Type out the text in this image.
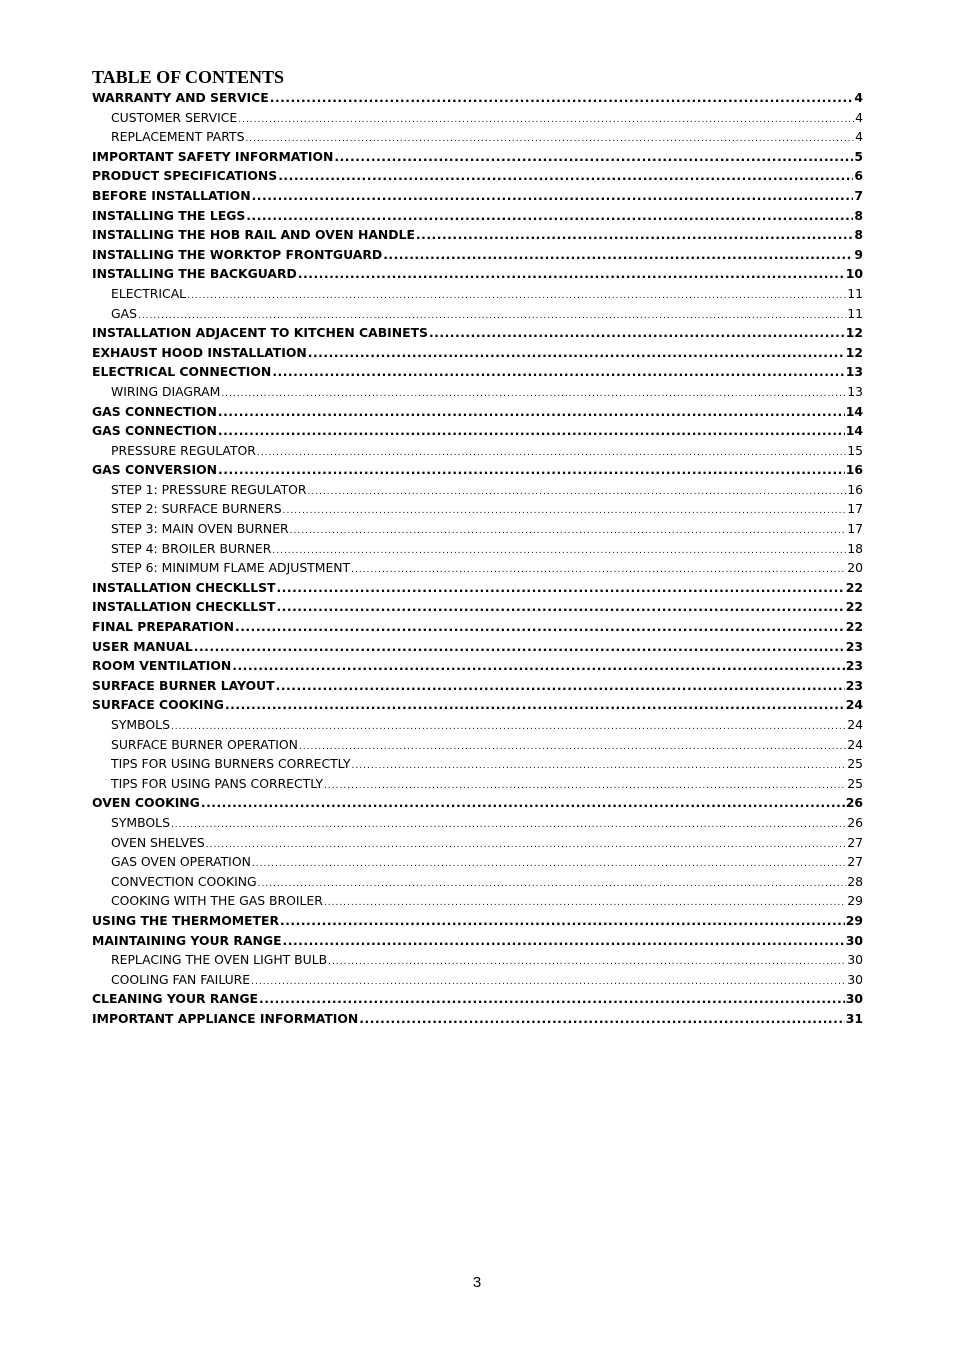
TABLE OF CONTENTS
WARRANTY AND SERVICE .....	4
CUSTOMER SERVICE .....	4
REPLACEMENT PARTS .....	4
IMPORTANT SAFETY INFORMATION .....	5
PRODUCT SPECIFICATIONS .....	6
BEFORE INSTALLATION .....	7
INSTALLING THE LEGS .....	8
INSTALLING THE HOB RAIL AND OVEN HANDLE .....	8
INSTALLING THE WORKTOP FRONTGUARD .....	9
INSTALLING THE BACKGUARD .....	10
ELECTRICAL .....	11
GAS .....	11
INSTALLATION ADJACENT TO KITCHEN CABINETS .....	12
EXHAUST HOOD INSTALLATION .....	12
ELECTRICAL CONNECTION .....	13
WIRING DIAGRAM .....	13
GAS CONNECTION .....	14
GAS CONNECTION .....	14
PRESSURE REGULATOR .....	15
GAS CONVERSION .....	16
STEP 1: PRESSURE REGULATOR .....	16
STEP 2: SURFACE BURNERS .....	17
STEP 3: MAIN OVEN BURNER .....	17
STEP 4: BROILER BURNER .....	18
STEP 6: MINIMUM FLAME ADJUSTMENT .....	20
INSTALLATION CHECKLLST .....	22
INSTALLATION CHECKLLST .....	22
FINAL PREPARATION .....	22
USER MANUAL .....	23
ROOM VENTILATION .....	23
SURFACE BURNER LAYOUT .....	23
SURFACE COOKING .....	24
SYMBOLS .....	24
SURFACE BURNER OPERATION .....	24
TIPS FOR USING BURNERS CORRECTLY .....	25
TIPS FOR USING PANS CORRECTLY .....	25
OVEN COOKING .....	26
SYMBOLS .....	26
OVEN SHELVES .....	27
GAS OVEN OPERATION .....	27
CONVECTION COOKING .....	28
COOKING WITH THE GAS BROILER .....	29
USING THE THERMOMETER .....	29
MAINTAINING YOUR RANGE .....	30
REPLACING THE OVEN LIGHT BULB .....	30
COOLING FAN FAILURE .....	30
CLEANING YOUR RANGE .....	30
IMPORTANT APPLIANCE INFORMATION .....	31
3
